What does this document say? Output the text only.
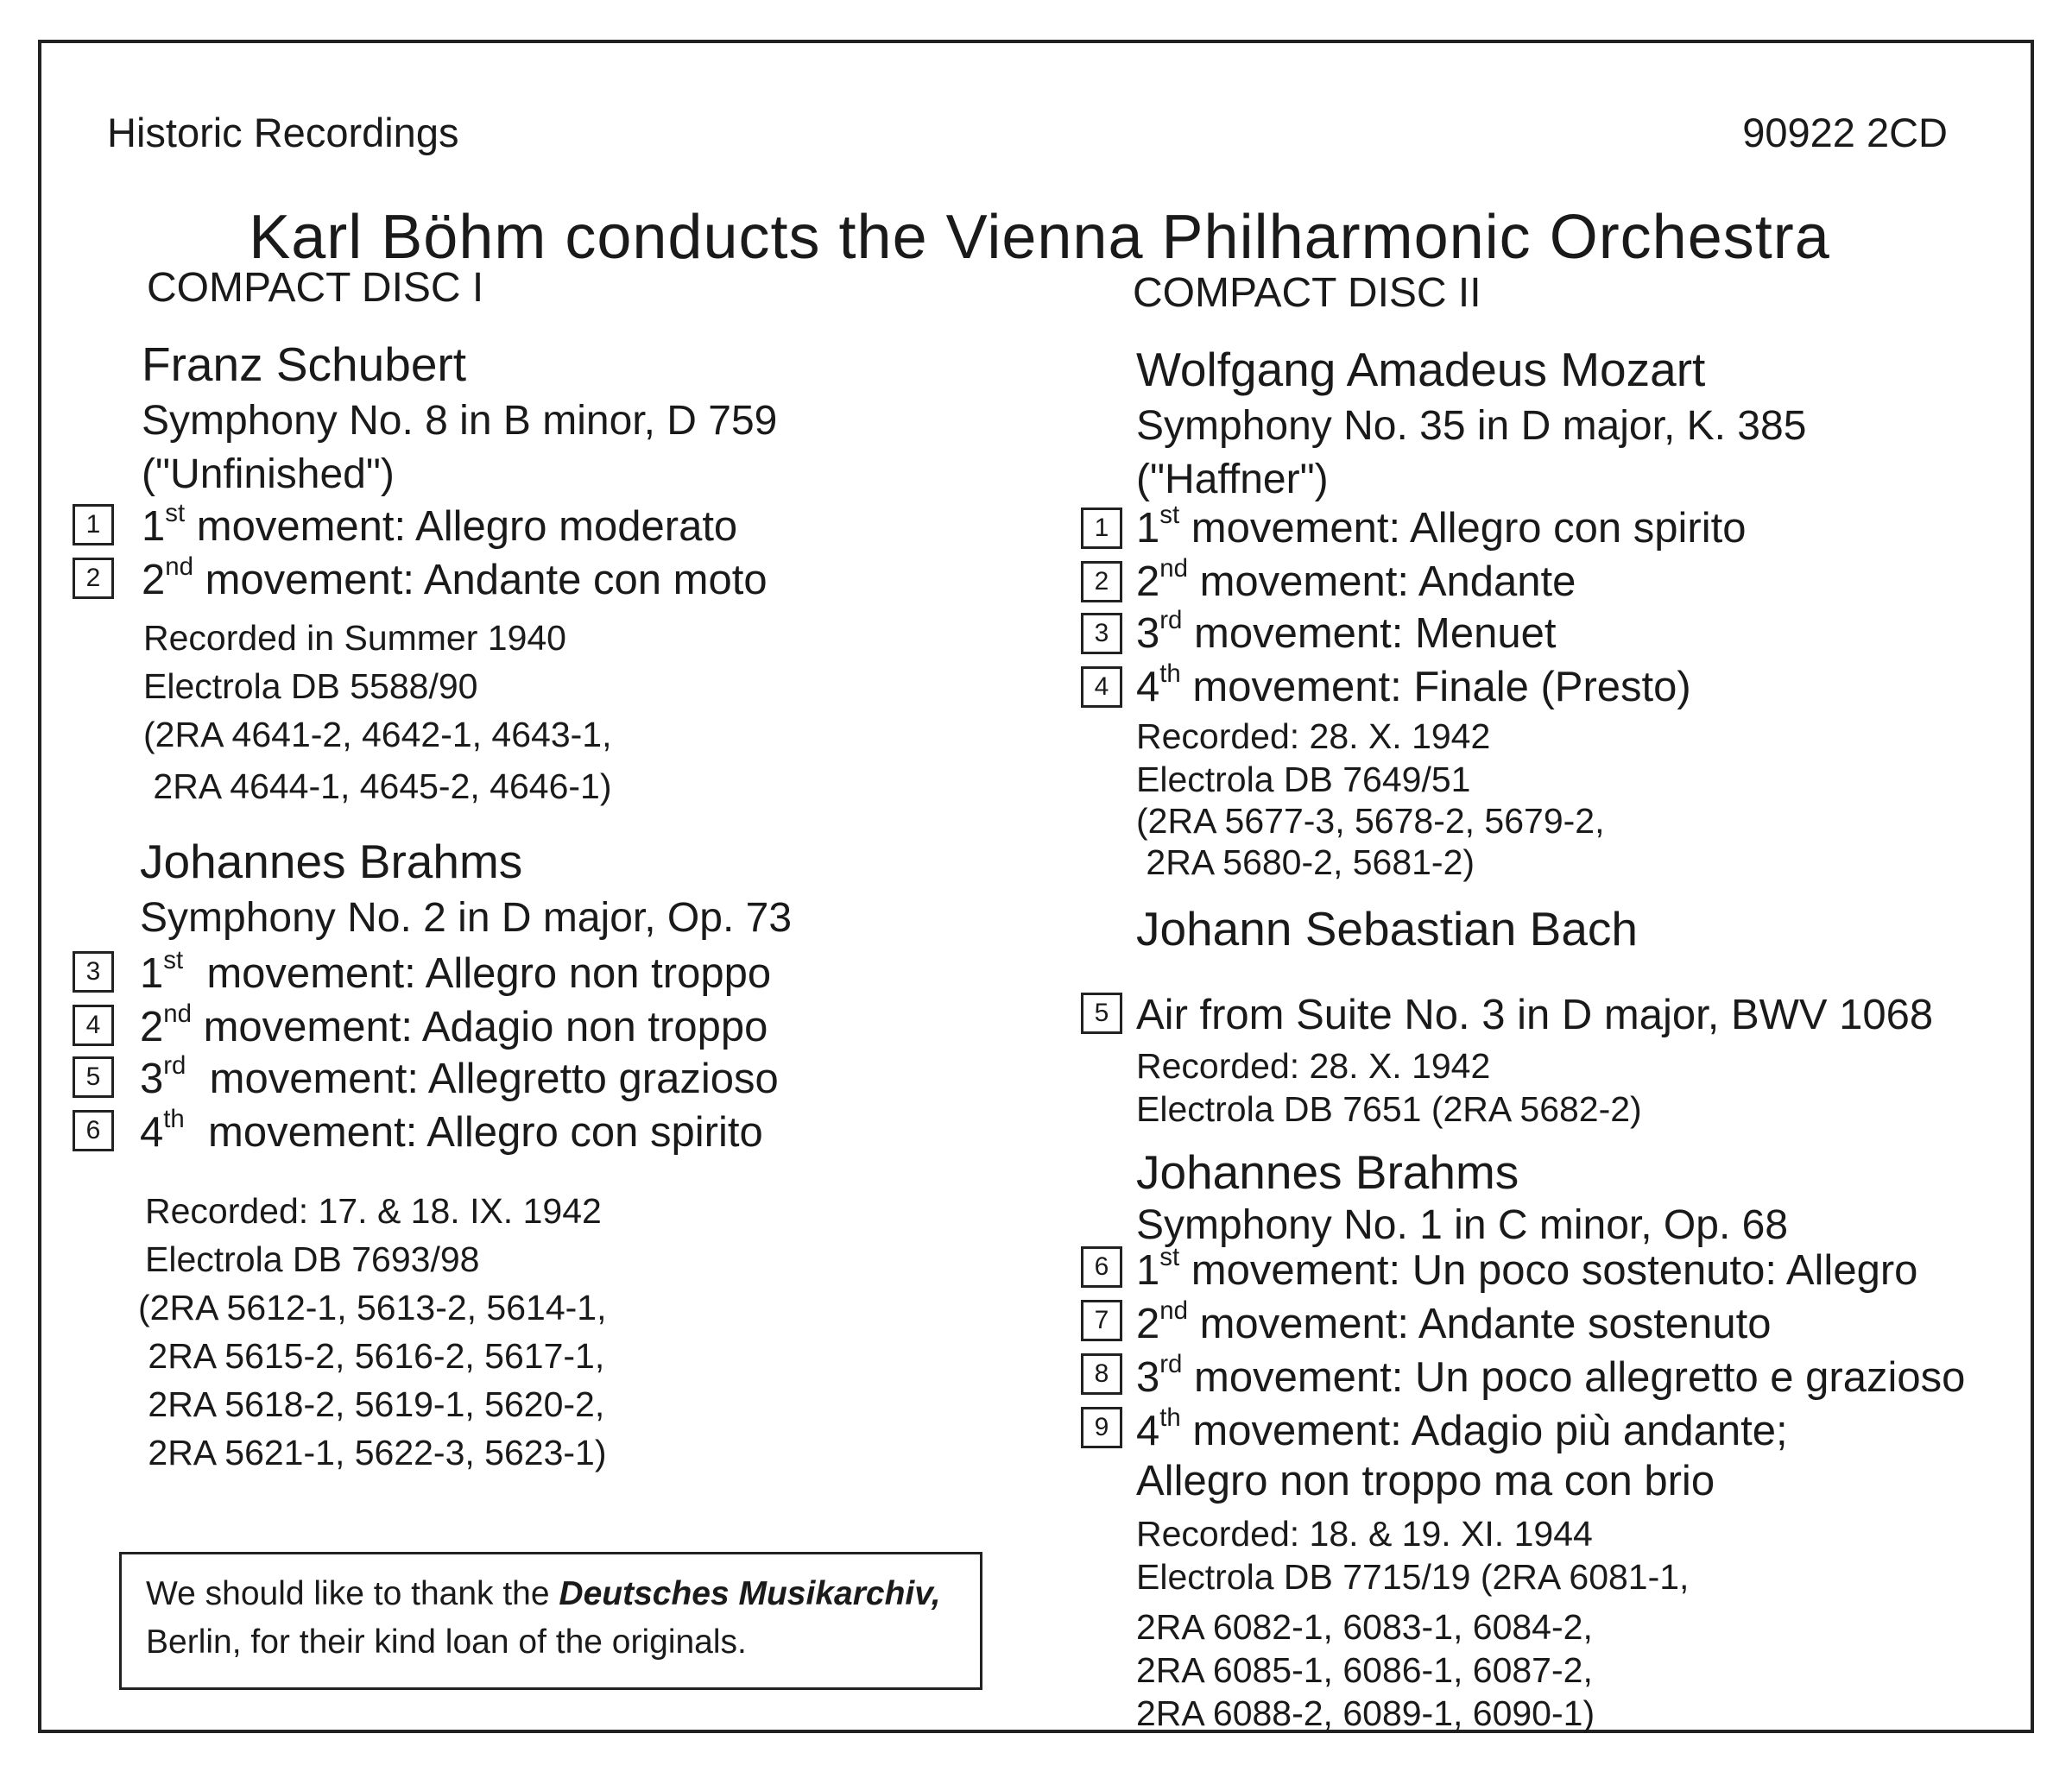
Historic Recordings	90922 2CD
Karl Böhm conducts the Vienna Philharmonic Orchestra
COMPACT DISC I
Franz Schubert
Symphony No. 8 in B minor, D 759
("Unfinished")
1 1st movement: Allegro moderato
2 2nd movement: Andante con moto
Recorded in Summer 1940
Electrola DB 5588/90
(2RA 4641-2, 4642-1, 4643-1,
2RA 4644-1, 4645-2, 4646-1)
Johannes Brahms
Symphony No. 2 in D major, Op. 73
3 1st  movement: Allegro non troppo
4 2nd movement: Adagio non troppo
5 3rd  movement: Allegretto grazioso
6 4th  movement: Allegro con spirito
Recorded: 17. & 18. IX. 1942
Electrola DB 7693/98
(2RA 5612-1, 5613-2, 5614-1,
2RA 5615-2, 5616-2, 5617-1,
2RA 5618-2, 5619-1, 5620-2,
2RA 5621-1, 5622-3, 5623-1)
We should like to thank the Deutsches Musikarchiv,
Berlin, for their kind loan of the originals.
COMPACT DISC II
Wolfgang Amadeus Mozart
Symphony No. 35 in D major, K. 385
("Haffner")
1 1st movement: Allegro con spirito
2 2nd movement: Andante
3 3rd movement: Menuet
4 4th movement: Finale (Presto)
Recorded: 28. X. 1942
Electrola DB 7649/51
(2RA 5677-3, 5678-2, 5679-2,
2RA 5680-2, 5681-2)
Johann Sebastian Bach
5 Air from Suite No. 3 in D major, BWV 1068
Recorded: 28. X. 1942
Electrola DB 7651 (2RA 5682-2)
Johannes Brahms
Symphony No. 1 in C minor, Op. 68
6 1st movement: Un poco sostenuto: Allegro
7 2nd movement: Andante sostenuto
8 3rd movement: Un poco allegretto e grazioso
9 4th movement: Adagio più andante;
Allegro non troppo ma con brio
Recorded: 18. & 19. XI. 1944
Electrola DB 7715/19 (2RA 6081-1,
2RA 6082-1, 6083-1, 6084-2,
2RA 6085-1, 6086-1, 6087-2,
2RA 6088-2, 6089-1, 6090-1)
